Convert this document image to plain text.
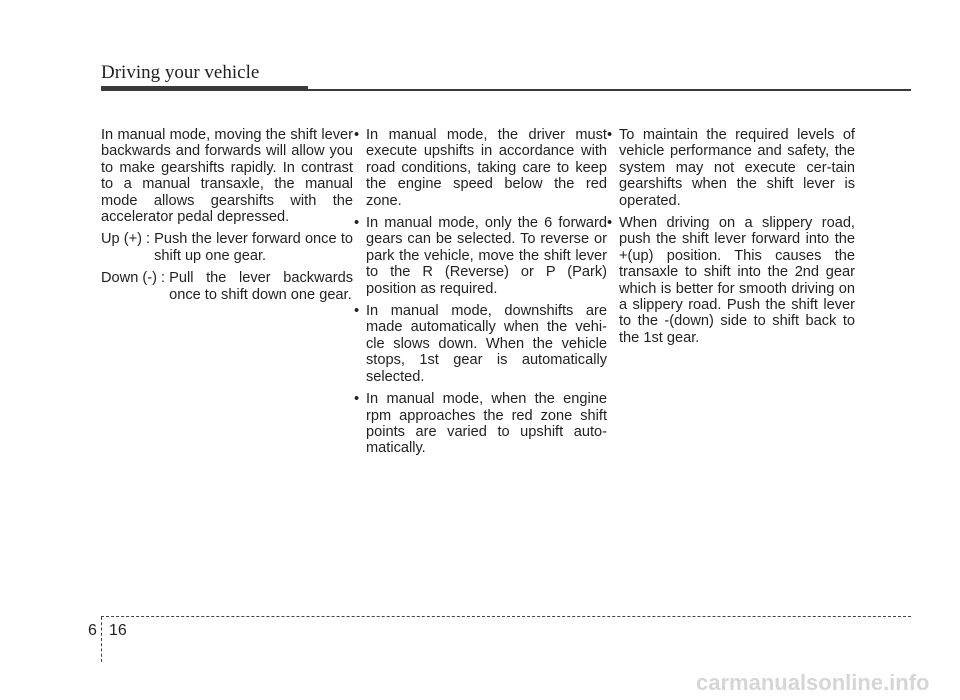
Driving your vehicle

In manual mode, moving the shift lever backwards and forwards will allow you to make gearshifts rapidly. In contrast to a manual transaxle, the manual mode allows gearshifts with the accelerator pedal depressed.

Up (+) : Push the lever forward once to shift up one gear.
Down (-) : Pull the lever backwards once to shift down one gear.
• In manual mode, the driver must execute upshifts in accordance with road conditions, taking care to keep the engine speed below the red zone.
• In manual mode, only the 6 forward gears can be selected. To reverse or park the vehicle, move the shift lever to the R (Reverse) or P (Park) position as required.
• In manual mode, downshifts are made automatically when the vehi-cle slows down. When the vehicle stops, 1st gear is automatically selected.
• In manual mode, when the engine rpm approaches the red zone shift points are varied to upshift auto-matically.
• To maintain the required levels of vehicle performance and safety, the system may not execute cer-tain gearshifts when the shift lever is operated.
• When driving on a slippery road, push the shift lever forward into the +(up) position. This causes the transaxle to shift into the 2nd gear which is better for smooth driving on a slippery road. Push the shift lever to the -(down) side to shift back to the 1st gear.
6 16
carmanualsonline.info
